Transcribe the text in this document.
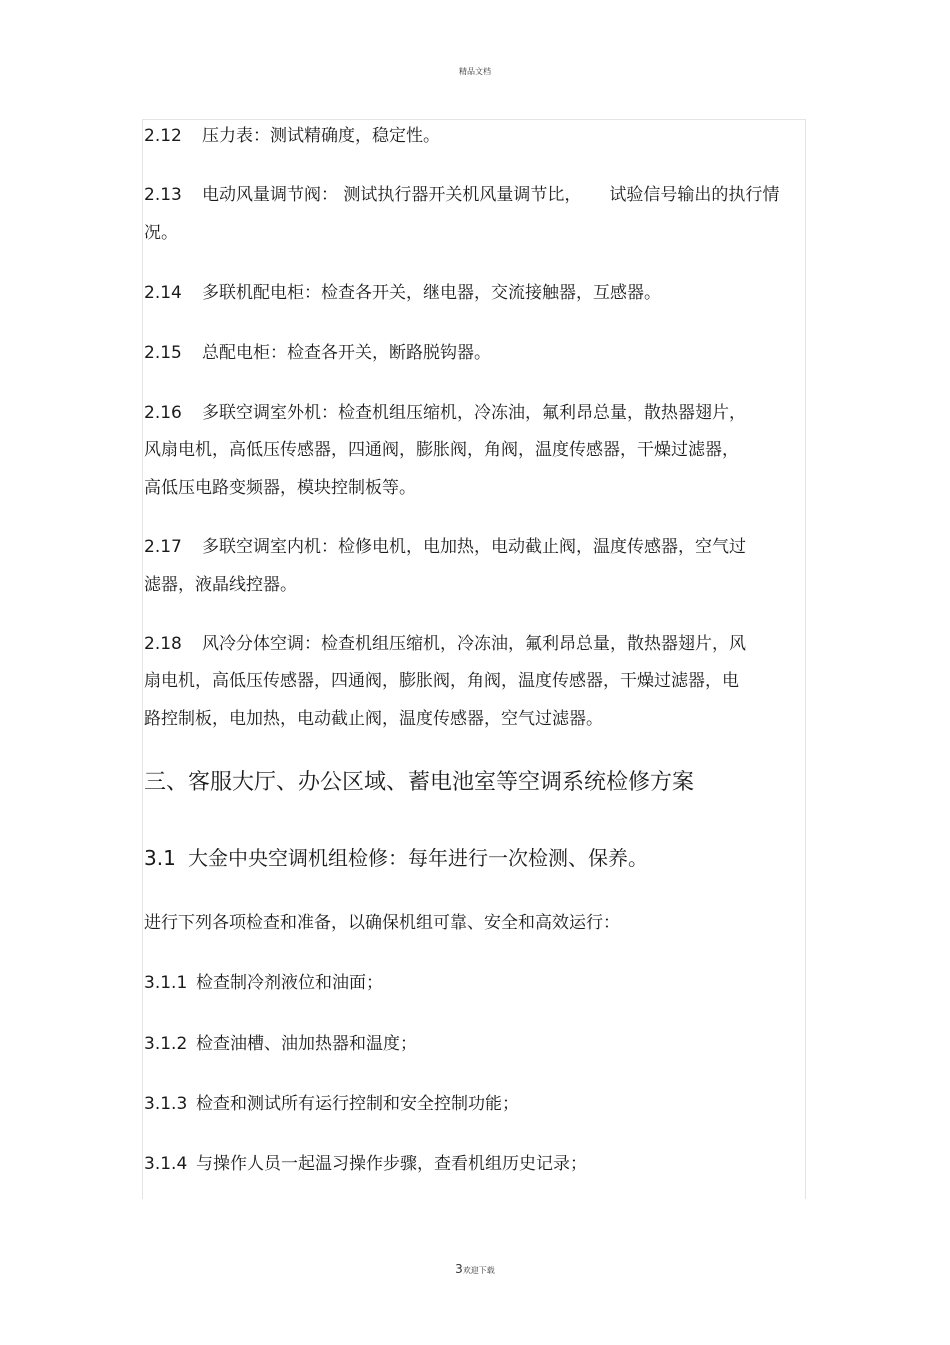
精品文档
2.12 压力表：测试精确度，稳定性。
2.13 电动风量调节阀： 测试执行器开关机风量调节比， 试验信号输出的执行情
况。
2.14 多联机配电柜：检查各开关，继电器，交流接触器，互感器。
2.15 总配电柜：检查各开关，断路脱钩器。
2.16 多联空调室外机：检查机组压缩机，冷冻油，氟利昂总量，散热器翅片，
风扇电机，高低压传感器，四通阀，膨胀阀，角阀，温度传感器，干燥过滤器，
高低压电路变频器，模块控制板等。
2.17 多联空调室内机：检修电机，电加热，电动截止阀，温度传感器，空气过
滤器，液晶线控器。
2.18 风冷分体空调：检查机组压缩机，冷冻油，氟利昂总量，散热器翅片，风
扇电机，高低压传感器，四通阀，膨胀阀，角阀，温度传感器，干燥过滤器，电
路控制板，电加热，电动截止阀，温度传感器，空气过滤器。
三、客服大厅、办公区域、蓄电池室等空调系统检修方案
3.1 大金中央空调机组检修：每年进行一次检测、保养。
进行下列各项检查和准备，以确保机组可靠、安全和高效运行：
3.1.1 检查制冷剂液位和油面；
3.1.2 检查油槽、油加热器和温度；
3.1.3 检查和测试所有运行控制和安全控制功能；
3.1.4 与操作人员一起温习操作步骤，查看机组历史记录；
3欢迎下载
